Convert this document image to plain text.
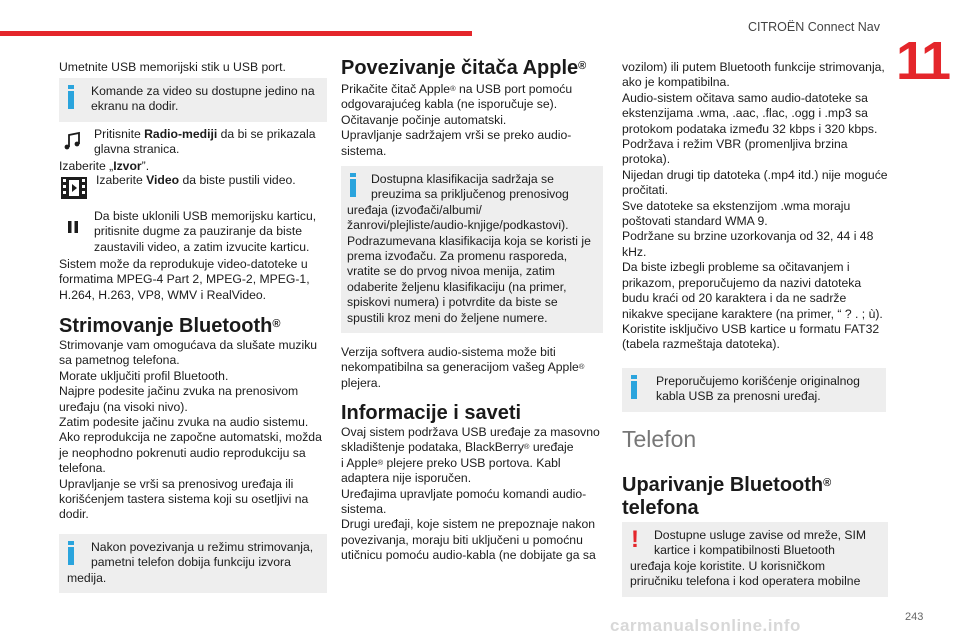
CITROËN Connect Nav
11

Umetnite USB memorijski stik u USB port.

Komande za video su dostupne jedino na ekranu na dodir.
Pritisnite Radio-mediji da bi se prikazala glavna stranica.

Izaberite „Izvor”.

Izaberite Video da biste pustili video.
Da biste uklonili USB memorijsku karticu, pritisnite dugme za pauziranje da biste zaustavili video, a zatim izvucite karticu.

Sistem može da reprodukuje video-datoteke u formatima MPEG-4 Part 2, MPEG-2, MPEG-1, H.264, H.263, VP8, WMV i RealVideo.

Strimovanje Bluetooth®

Strimovanje vam omogućava da slušate muziku sa pametnog telefona.
Morate uključiti profil Bluetooth.
Najpre podesite jačinu zvuka na prenosivom uređaju (na visoki nivo).
Zatim podesite jačinu zvuka na audio sistemu.
Ako reprodukcija ne započne automatski, možda je neophodno pokrenuti audio reprodukciju sa telefona.
Upravljanje se vrši sa prenosivog uređaja ili korišćenjem tastera sistema koji su osetljivi na dodir.

Nakon povezivanja u režimu strimovanja, pametni telefon dobija funkciju izvora
medija.
Povezivanje čitača Apple®

Prikačite čitač Apple® na USB port pomoću odgovarajućeg kabla (ne isporučuje se).
Očitavanje počinje automatski.
Upravljanje sadržajem vrši se preko audio-sistema.

Dostupna klasifikacija sadržaja se preuzima sa priključenog prenosivog

uređaja (izvođači/albumi/žanrovi/plejliste/audio-knjige/podkastovi).
Podrazumevana klasifikacija koja se koristi je prema izvođaču. Za promenu rasporeda, vratite se do prvog nivoa menija, zatim odaberite željenu klasifikaciju (na primer, spiskovi numera) i potvrdite da biste se spustili kroz meni do željene numere.

Verzija softvera audio-sistema može biti nekompatibilna sa generacijom vašeg Apple®
plejera.

Informacije i saveti

Ovaj sistem podržava USB uređaje za masovno skladištenje podataka, BlackBerry® uređaje
i Apple® plejere preko USB portova. Kabl adaptera nije isporučen.
Uređajima upravljate pomoću komandi audio-sistema.
Drugi uređaji, koje sistem ne prepoznaje nakon povezivanja, moraju biti uključeni u pomoćnu utičnicu pomoću audio-kabla (ne dobijate ga sa

vozilom) ili putem Bluetooth funkcije strimovanja, ako je kompatibilna.
Audio-sistem očitava samo audio-datoteke sa ekstenzijama .wma, .aac, .flac, .ogg i .mp3 sa protokom podataka između 32 kbps i 320 kbps.
Podržava i režim VBR (promenljiva brzina protoka).
Nijedan drugi tip datoteka (.mp4 itd.) nije moguće pročitati.
Sve datoteke sa ekstenzijom .wma moraju poštovati standard WMA 9.
Podržane su brzine uzorkovanja od 32, 44 i 48 kHz.
Da biste izbegli probleme sa očitavanjem i prikazom, preporučujemo da nazivi datoteka budu kraći od 20 karaktera i da ne sadrže nikakve specijane karaktere (na primer, “ ? . ; ù).
Koristite isključivo USB kartice u formatu FAT32 (tabela razmeštaja datoteka).

Preporučujemo korišćenje originalnog kabla USB za prenosni uređaj.
Telefon
Uparivanje Bluetooth®
telefona
! Dostupne usluge zavise od mreže, SIM kartice i kompatibilnosti Bluetooth

uređaja koje koristite. U korisničkom priručniku telefona i kod operatera mobilne
carmanualsonline.info	243
